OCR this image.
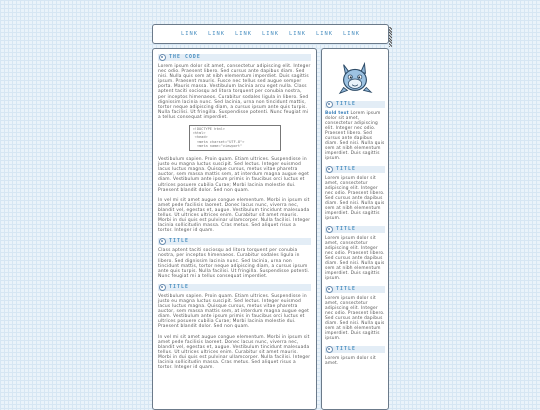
LINK LINK LINK LINK LINK LINK LINK
THE CODE

Lorem ipsum dolor sit amet, consectetur adipiscing elit. Integer nec odio. Praesent libero. Sed cursus ante dapibus diam. Sed nisi. Nulla quis sem at nibh elementum imperdiet. Duis sagittis ipsum. Praesent mauris. Fusce nec tellus sed augue semper porta. Mauris massa. Vestibulum lacinia arcu eget nulla. Class aptent taciti sociosqu ad litora torquent per conubia nostra, per inceptos himenaeos. Curabitur sodales ligula in libero. Sed dignissim lacinia nunc. Sed lacinia, urna non tincidunt mattis, tortor neque adipiscing diam, a cursus ipsum ante quis turpis. Nulla facilisi. Ut fringilla. Suspendisse potenti. Nunc feugiat mi a tellus consequat imperdiet.

<!DOCTYPE html>
<html>
<head>
<meta charset="UTF-8">
<meta name="viewport"

Vestibulum sapien. Proin quam. Etiam ultrices. Suspendisse in justo eu magna luctus suscipit. Sed lectus. Integer euismod lacus luctus magna. Quisque cursus, metus vitae pharetra auctor, sem massa mattis sem, at interdum magna augue eget diam. Vestibulum ante ipsum primis in faucibus orci luctus et ultrices posuere cubilia Curae; Morbi lacinia molestie dui. Praesent blandit dolor. Sed non quam.

In vel mi sit amet augue congue elementum. Morbi in ipsum sit amet pede facilisis laoreet. Donec lacus nunc, viverra nec, blandit vel, egestas et, augue. Vestibulum tincidunt malesuada tellus. Ut ultrices ultrices enim. Curabitur sit amet mauris. Morbi in dui quis est pulvinar ullamcorper. Nulla facilisi. Integer lacinia sollicitudin massa. Cras metus. Sed aliquet risus a tortor. Integer id quam.

TITLE

Class aptent taciti sociosqu ad litora torquent per conubia nostra, per inceptos himenaeos. Curabitur sodales ligula in libero. Sed dignissim lacinia nunc. Sed lacinia, urna non tincidunt mattis, tortor neque adipiscing diam, a cursus ipsum ante quis turpis. Nulla facilisi. Ut fringilla. Suspendisse potenti. Nunc feugiat mi a tellus consequat imperdiet.

TITLE

Vestibulum sapien. Proin quam. Etiam ultrices. Suspendisse in justo eu magna luctus suscipit. Sed lectus. Integer euismod lacus luctus magna. Quisque cursus, metus vitae pharetra auctor, sem massa mattis sem, at interdum magna augue eget diam. Vestibulum ante ipsum primis in faucibus orci luctus et ultrices posuere cubilia Curae; Morbi lacinia molestie dui. Praesent blandit dolor. Sed non quam.

In vel mi sit amet augue congue elementum. Morbi in ipsum sit amet pede facilisis laoreet. Donec lacus nunc, viverra nec, blandit vel, egestas et, augue. Vestibulum tincidunt malesuada tellus. Ut ultrices ultrices enim. Curabitur sit amet mauris. Morbi in dui quis est pulvinar ullamcorper. Nulla facilisi. Integer lacinia sollicitudin massa. Cras metus. Sed aliquet risus a tortor. Integer id quam.

TITLE

Bold text Lorem ipsum dolor sit amet, consectetur adipiscing elit. Integer nec odio. Praesent libero. Sed cursus ante dapibus diam. Sed nisi. Nulla quis sem at nibh elementum imperdiet. Duis sagittis ipsum.

TITLE

Lorem ipsum dolor sit amet, consectetur adipiscing elit. Integer nec odio. Praesent libero. Sed cursus ante dapibus diam. Sed nisi. Nulla quis sem at nibh elementum imperdiet. Duis sagittis ipsum.

TITLE

Lorem ipsum dolor sit amet, consectetur adipiscing elit. Integer nec odio. Praesent libero. Sed cursus ante dapibus diam. Sed nisi. Nulla quis sem at nibh elementum imperdiet. Duis sagittis ipsum.

TITLE

Lorem ipsum dolor sit amet, consectetur adipiscing elit. Integer nec odio. Praesent libero. Sed cursus ante dapibus diam. Sed nisi. Nulla quis sem at nibh elementum imperdiet. Duis sagittis ipsum.

TITLE

Lorem ipsum dolor sit amet.
